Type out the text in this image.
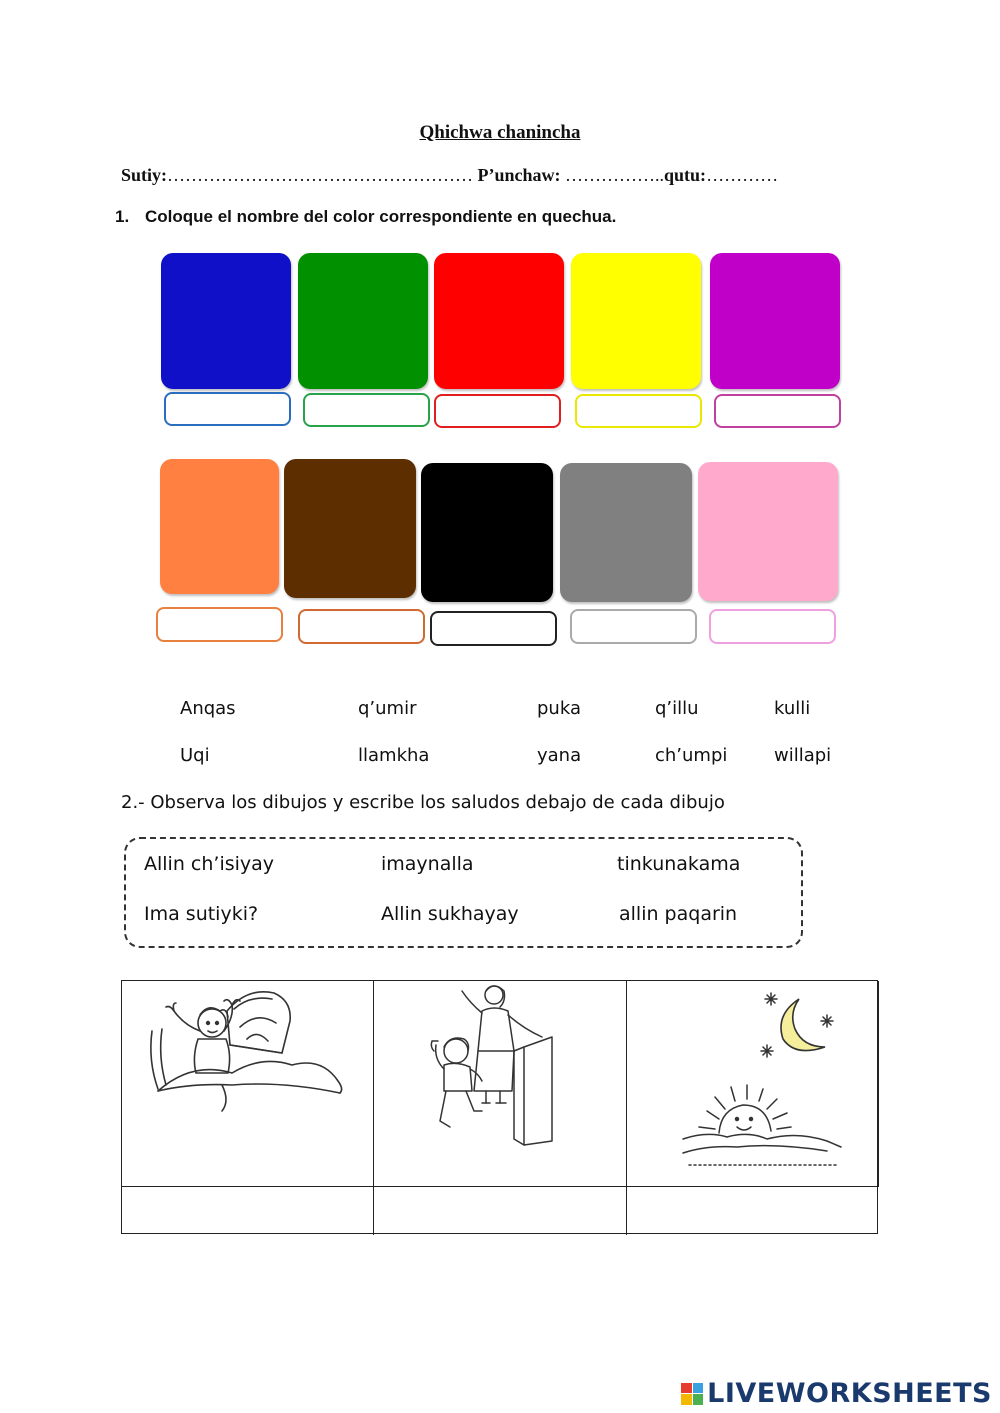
Qhichwa chanincha
Sutiy:…………………………………………… P’unchaw: ……………..qutu:…………
1. Coloque el nombre del color correspondiente en quechua.
Anqas	q’umir	puka	q’illu	kulli
Uqi	llamkha	yana	ch’umpi	willapi
2.- Observa los dibujos y escribe los saludos debajo de cada dibujo
Allin ch’isiyay	imaynalla	tinkunakama
Ima sutiyki?	Allin sukhayay	allin paqarin
LIVEWORKSHEETS
